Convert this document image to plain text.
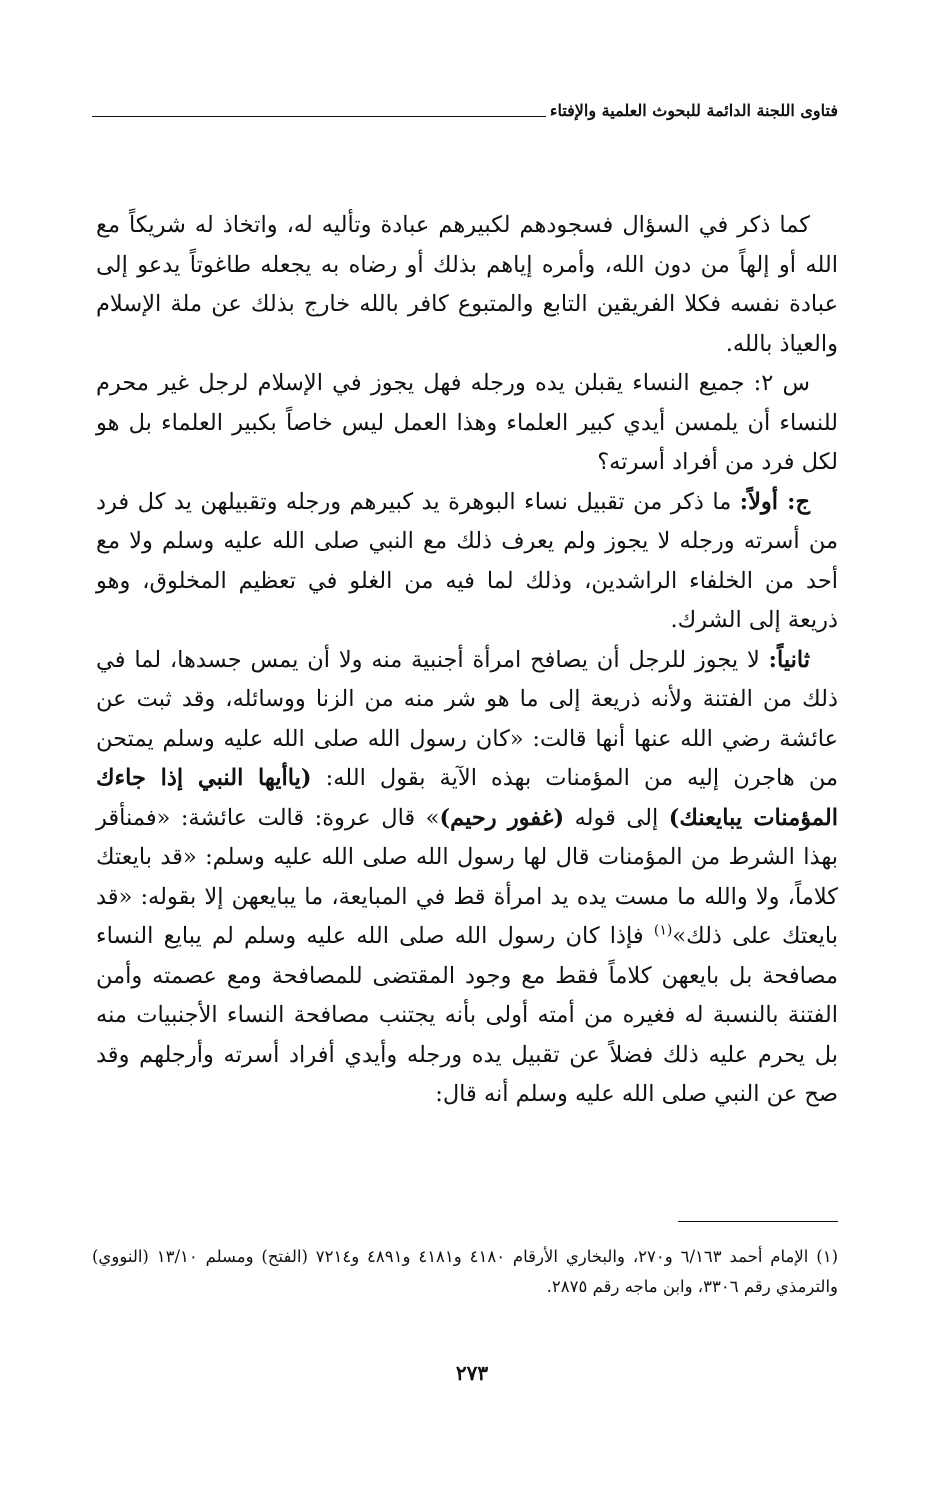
فتاوى اللجنة الدائمة للبحوث العلمية والإفتاء

كما ذكر في السؤال فسجودهم لكبيرهم عبادة وتأليه له، واتخاذ له شريكاً مع الله أو إلهاً من دون الله، وأمره إياهم بذلك أو رضاه به يجعله طاغوتاً يدعو إلى عبادة نفسه فكلا الفريقين التابع والمتبوع كافر بالله خارج بذلك عن ملة الإسلام والعياذ بالله.

س ٢: جميع النساء يقبلن يده ورجله فهل يجوز في الإسلام لرجل غير محرم للنساء أن يلمسن أيدي كبير العلماء وهذا العمل ليس خاصاً بكبير العلماء بل هو لكل فرد من أفراد أسرته؟

ج: أولاً: ما ذكر من تقبيل نساء البوهرة يد كبيرهم ورجله وتقبيلهن يد كل فرد من أسرته ورجله لا يجوز ولم يعرف ذلك مع النبي صلى الله عليه وسلم ولا مع أحد من الخلفاء الراشدين، وذلك لما فيه من الغلو في تعظيم المخلوق، وهو ذريعة إلى الشرك.

ثانياً: لا يجوز للرجل أن يصافح امرأة أجنبية منه ولا أن يمس جسدها، لما في ذلك من الفتنة ولأنه ذريعة إلى ما هو شر منه من الزنا ووسائله، وقد ثبت عن عائشة رضي الله عنها أنها قالت: «كان رسول الله صلى الله عليه وسلم يمتحن من هاجرن إليه من المؤمنات بهذه الآية بقول الله: (ياأيها النبي إذا جاءك المؤمنات يبايعنك) إلى قوله (غفور رحيم)» قال عروة: قالت عائشة: «فمنأقر بهذا الشرط من المؤمنات قال لها رسول الله صلى الله عليه وسلم: «قد بايعتك كلاماً، ولا والله ما مست يده يد امرأة قط في المبايعة، ما يبايعهن إلا بقوله: «قد بايعتك على ذلك»$^{(١)}$ فإذا كان رسول الله صلى الله عليه وسلم لم يبايع النساء مصافحة بل بايعهن كلاماً فقط مع وجود المقتضى للمصافحة ومع عصمته وأمن الفتنة بالنسبة له فغيره من أمته أولى بأنه يجتنب مصافحة النساء الأجنبيات منه بل يحرم عليه ذلك فضلاً عن تقبيل يده ورجله وأيدي أفراد أسرته وأرجلهم وقد صح عن النبي صلى الله عليه وسلم أنه قال:

(١) الإمام أحمد ٦/١٦٣ و٢٧٠، والبخاري الأرقام ٤١٨٠ و٤١٨١ و٤٨٩١ و٧٢١٤ (الفتح) ومسلم ١٣/١٠ (النووي) والترمذي رقم ٣٣٠٦، وابن ماجه رقم ٢٨٧٥.

٢٧٣
